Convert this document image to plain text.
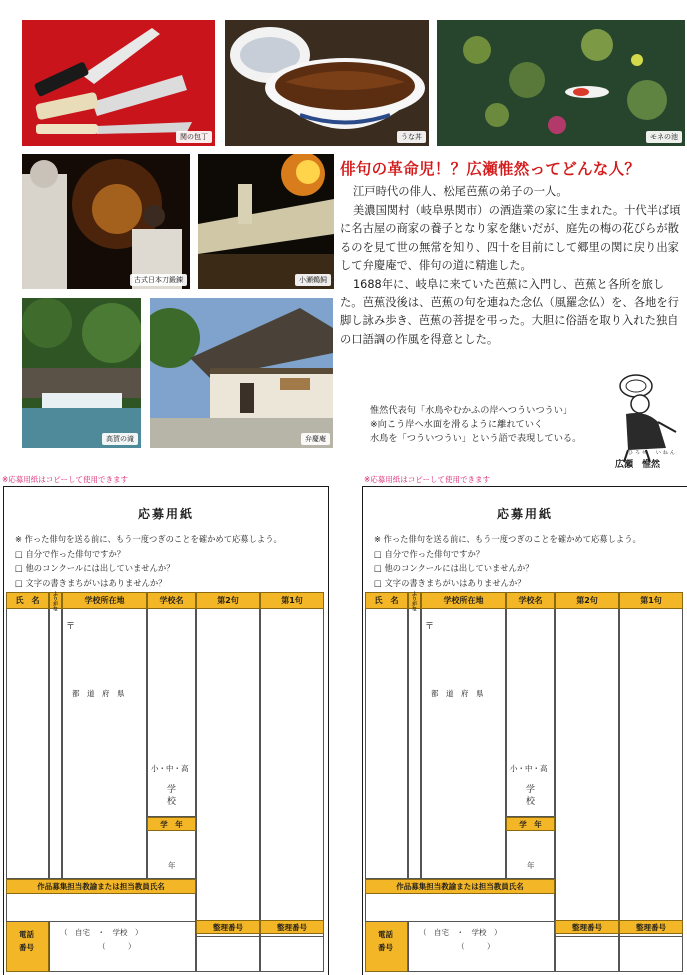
関の包丁	うな丼	モネの池
古式日本刀鍛錬	小瀬鵜飼
高賀の滝	弁慶庵
俳句の革命児！？広瀬惟然ってどんな人？

江戸時代の俳人、松尾芭蕉の弟子の一人。

美濃国関村（岐阜県関市）の酒造業の家に生まれた。十代半ば頃に名古屋の商家の養子となり家を継いだが、庭先の梅の花びらが散るのを見て世の無常を知り、四十を目前にして郷里の関に戻り出家して弁慶庵で、俳句の道に精進した。

1688年に、岐阜に来ていた芭蕉に入門し、芭蕉と各所を旅した。芭蕉没後は、芭蕉の句を連ねた念仏（風羅念仏）を、各地を行脚し詠み歩き、芭蕉の菩提を弔った。大胆に俗語を取り入れた独自の口語調の作風を得意とした。

惟然代表句「水鳥やむかふの岸へつういつうい」
※向こう岸へ水面を滑るように離れていく
水鳥を「つういつうい」という語で表現している。
ひろせ　いねん
広瀬　惟然
※応募用紙はコピーして使用できます	※応募用紙はコピーして使用できます
応募用紙
※ 作った俳句を送る前に、もう一度つぎのことを確かめて応募しよう。
□ 自分で作った俳句ですか？
□ 他のコンクールには出していませんか？
□ 文字の書きまちがいはありませんか？
氏　名	ふりがな	学校所在地	学校名	第2句	第1句
〒
都　道　府　県
小・中・高
学
校
学　年
年
作品募集担当教諭または担当教員氏名
電話
番号
（　自宅　・　学校　）
（　　　）
整理番号	整理番号
応募用紙
※ 作った俳句を送る前に、もう一度つぎのことを確かめて応募しよう。
□ 自分で作った俳句ですか？
□ 他のコンクールには出していませんか？
□ 文字の書きまちがいはありませんか？
氏　名	ふりがな	学校所在地	学校名	第2句	第1句
〒
都　道　府　県
小・中・高
学
校
学　年
年
作品募集担当教諭または担当教員氏名
電話
番号
（　自宅　・　学校　）
（　　　）
整理番号	整理番号
